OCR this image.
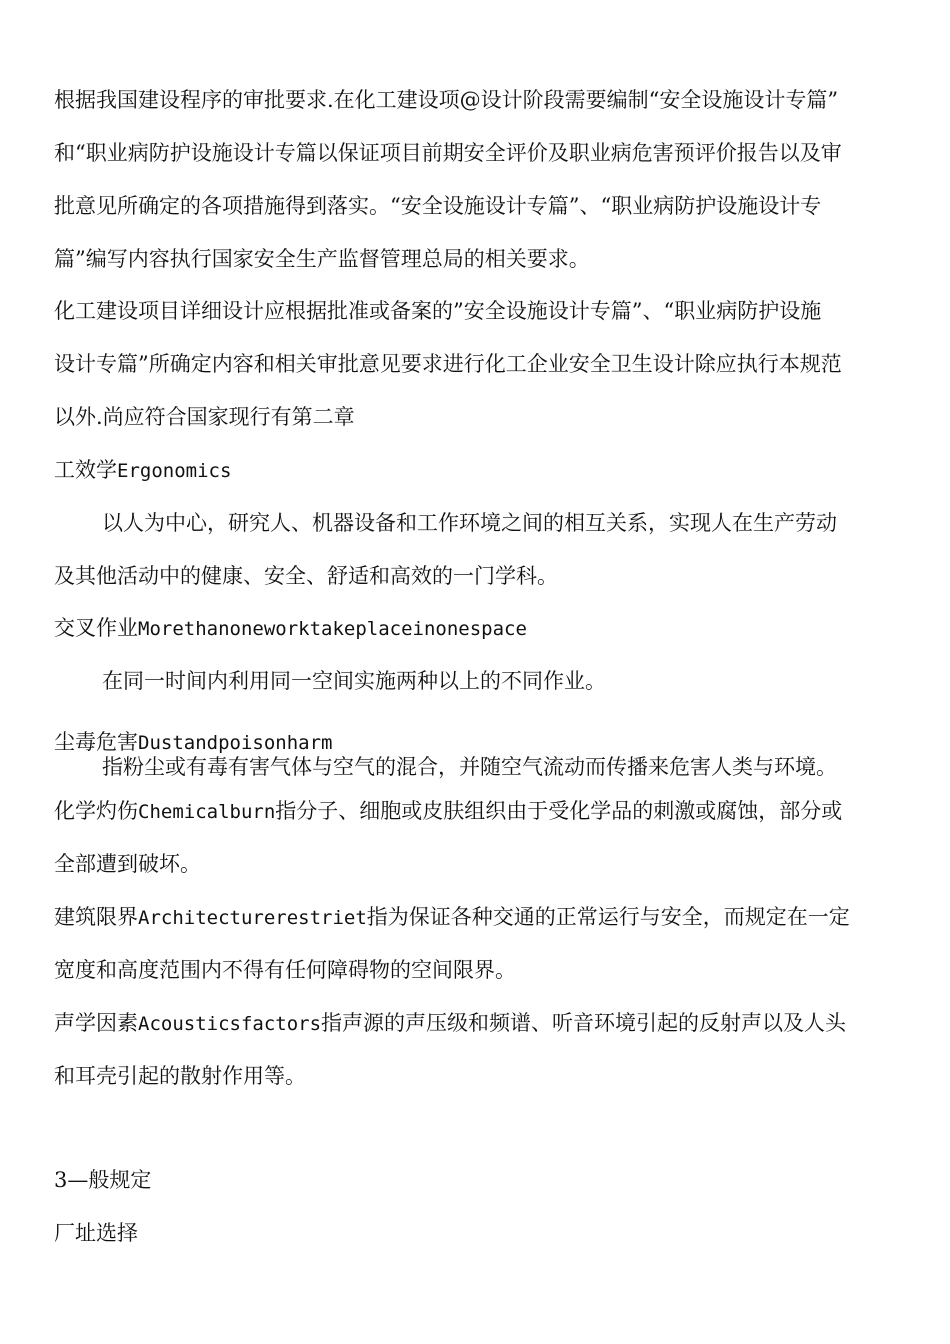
根据我国建设程序的审批要求.在化工建设项@设计阶段需要编制“安全设施设计专篇”
和“职业病防护设施设计专篇以保证项目前期安全评价及职业病危害预评价报告以及审
批意见所确定的各项措施得到落实。“安全设施设计专篇”、“职业病防护设施设计专
篇”编写内容执行国家安全生产监督管理总局的相关要求。
化工建设项目详细设计应根据批准或备案的”安全设施设计专篇”、“职业病防护设施
设计专篇”所确定内容和相关审批意见要求进行化工企业安全卫生设计除应执行本规范
以外.尚应符合国家现行有第二章
工效学Ergonomics
以人为中心，研究人、机器设备和工作环境之间的相互关系，实现人在生产劳动
及其他活动中的健康、安全、舒适和高效的一门学科。
交叉作业Morethanoneworktakeplaceinonespace
在同一时间内利用同一空间实施两种以上的不同作业。
尘毒危害Dustandpoisonharm
指粉尘或有毒有害气体与空气的混合，并随空气流动而传播来危害人类与环境。
化学灼伤Chemicalburn指分子、细胞或皮肤组织由于受化学品的刺激或腐蚀，部分或
全部遭到破坏。
建筑限界Architecturerestriet指为保证各种交通的正常运行与安全，而规定在一定
宽度和高度范围内不得有任何障碍物的空间限界。
声学因素Acousticsfactors指声源的声压级和频谱、听音环境引起的反射声以及人头
和耳壳引起的散射作用等。
3—般规定
厂址选择
